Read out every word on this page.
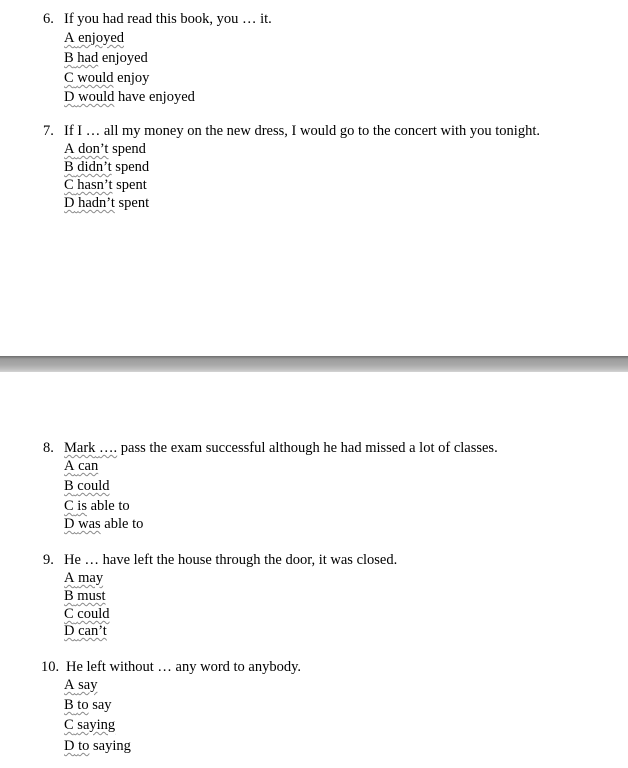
6. If you had read this book, you … it.
A enjoyed
B had enjoyed
C would enjoy
D would have enjoyed
7. If I … all my money on the new dress, I would go to the concert with you tonight.
A don’t spend
B didn’t spend
C hasn’t spent
D hadn’t spent
8. Mark …. pass the exam successful although he had missed a lot of classes.
A can
B could
C is able to
D was able to
9. He … have left the house through the door, it was closed.
A may
B must
C could
D can’t
10. He left without … any word to anybody.
A say
B to say
C saying
D to saying
